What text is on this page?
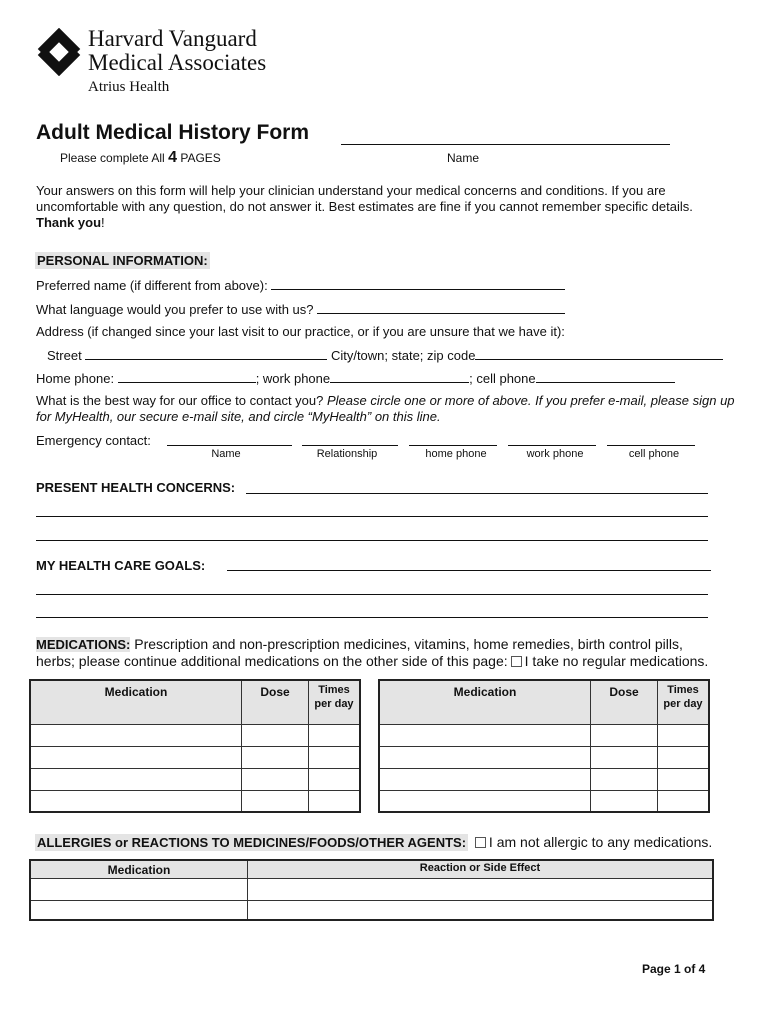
Harvard Vanguard
Medical Associates
Atrius Health
Adult Medical History Form
Please complete All 4 PAGES	Name
Your answers on this form will help your clinician understand your medical concerns and conditions. If you are uncomfortable with any question, do not answer it. Best estimates are fine if you cannot remember specific details.
Thank you!
PERSONAL INFORMATION:
Preferred name (if different from above):
What language would you prefer to use with us?
Address (if changed since your last visit to our practice, or if you are unsure that we have it):
Street	City/town; state; zip code
Home phone:	; work phone	; cell phone
What is the best way for our office to contact you? Please circle one or more of above. If you prefer e-mail, please sign up for MyHealth, our secure e-mail site, and circle “MyHealth” on this line.
Emergency contact:
Name	Relationship	home phone	work phone	cell phone
PRESENT HEALTH CONCERNS:
MY HEALTH CARE GOALS:
MEDICATIONS: Prescription and non-prescription medicines, vitamins, home remedies, birth control pills,
herbs; please continue additional medications on the other side of this page: I take no regular medications.
Medication	Dose	Times per day

Medication	Dose	Times per day

ALLERGIES or REACTIONS TO MEDICINES/FOODS/OTHER AGENTS: I am not allergic to any medications.
Medication	Reaction or Side Effect

Page 1 of 4
